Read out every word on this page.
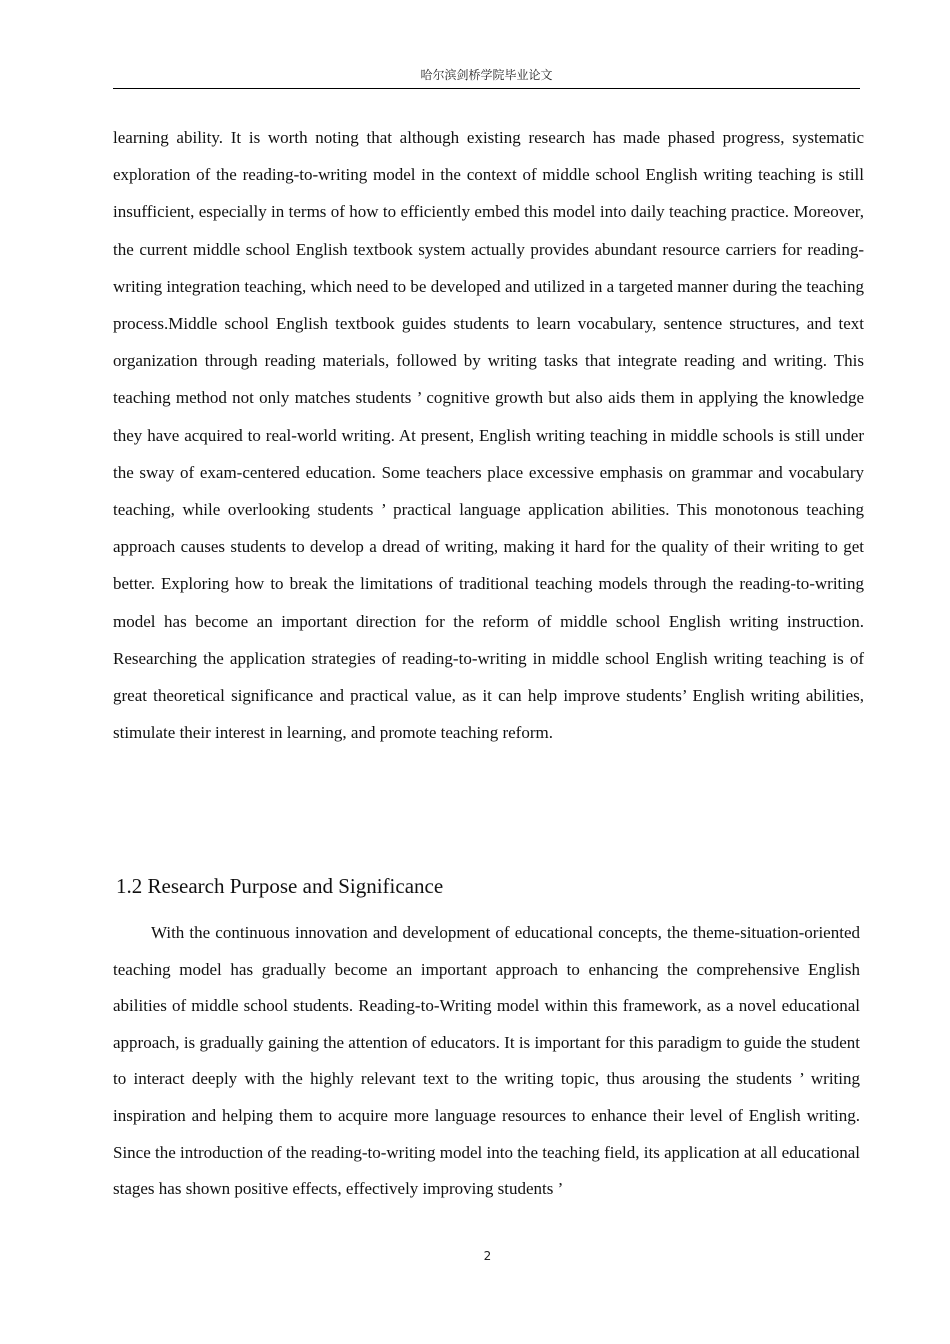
哈尔滨剑桥学院毕业论文

learning ability. It is worth noting that although existing research has made phased progress, systematic exploration of the reading-to-writing model in the context of middle school English writing teaching is still insufficient, especially in terms of how to efficiently embed this model into daily teaching practice. Moreover, the current middle school English textbook system actually provides abundant resource carriers for reading-writing integration teaching, which need to be developed and utilized in a targeted manner during the teaching process.Middle school English textbook guides students to learn vocabulary, sentence structures, and text organization through reading materials, followed by writing tasks that integrate reading and writing. This teaching method not only matches students ’ cognitive growth but also aids them in applying the knowledge they have acquired to real-world writing. At present, English writing teaching in middle schools is still under the sway of exam-centered education. Some teachers place excessive emphasis on grammar and vocabulary teaching, while overlooking students ’ practical language application abilities. This monotonous teaching approach causes students to develop a dread of writing, making it hard for the quality of their writing to get better. Exploring how to break the limitations of traditional teaching models through the reading-to-writing model has become an important direction for the reform of middle school English writing instruction. Researching the application strategies of reading-to-writing in middle school English writing teaching is of great theoretical significance and practical value, as it can help improve students’ English writing abilities, stimulate their interest in learning, and promote teaching reform.

1.2 Research Purpose and Significance

With the continuous innovation and development of educational concepts, the theme-situation-oriented teaching model has gradually become an important approach to enhancing the comprehensive English abilities of middle school students. Reading-to-Writing model within this framework, as a novel educational approach, is gradually gaining the attention of educators. It is important for this paradigm to guide the student to interact deeply with the highly relevant text to the writing topic, thus arousing the students ’ writing inspiration and helping them to acquire more language resources to enhance their level of English writing. Since the introduction of the reading-to-writing model into the teaching field, its application at all educational stages has shown positive effects, effectively improving students ’

2
